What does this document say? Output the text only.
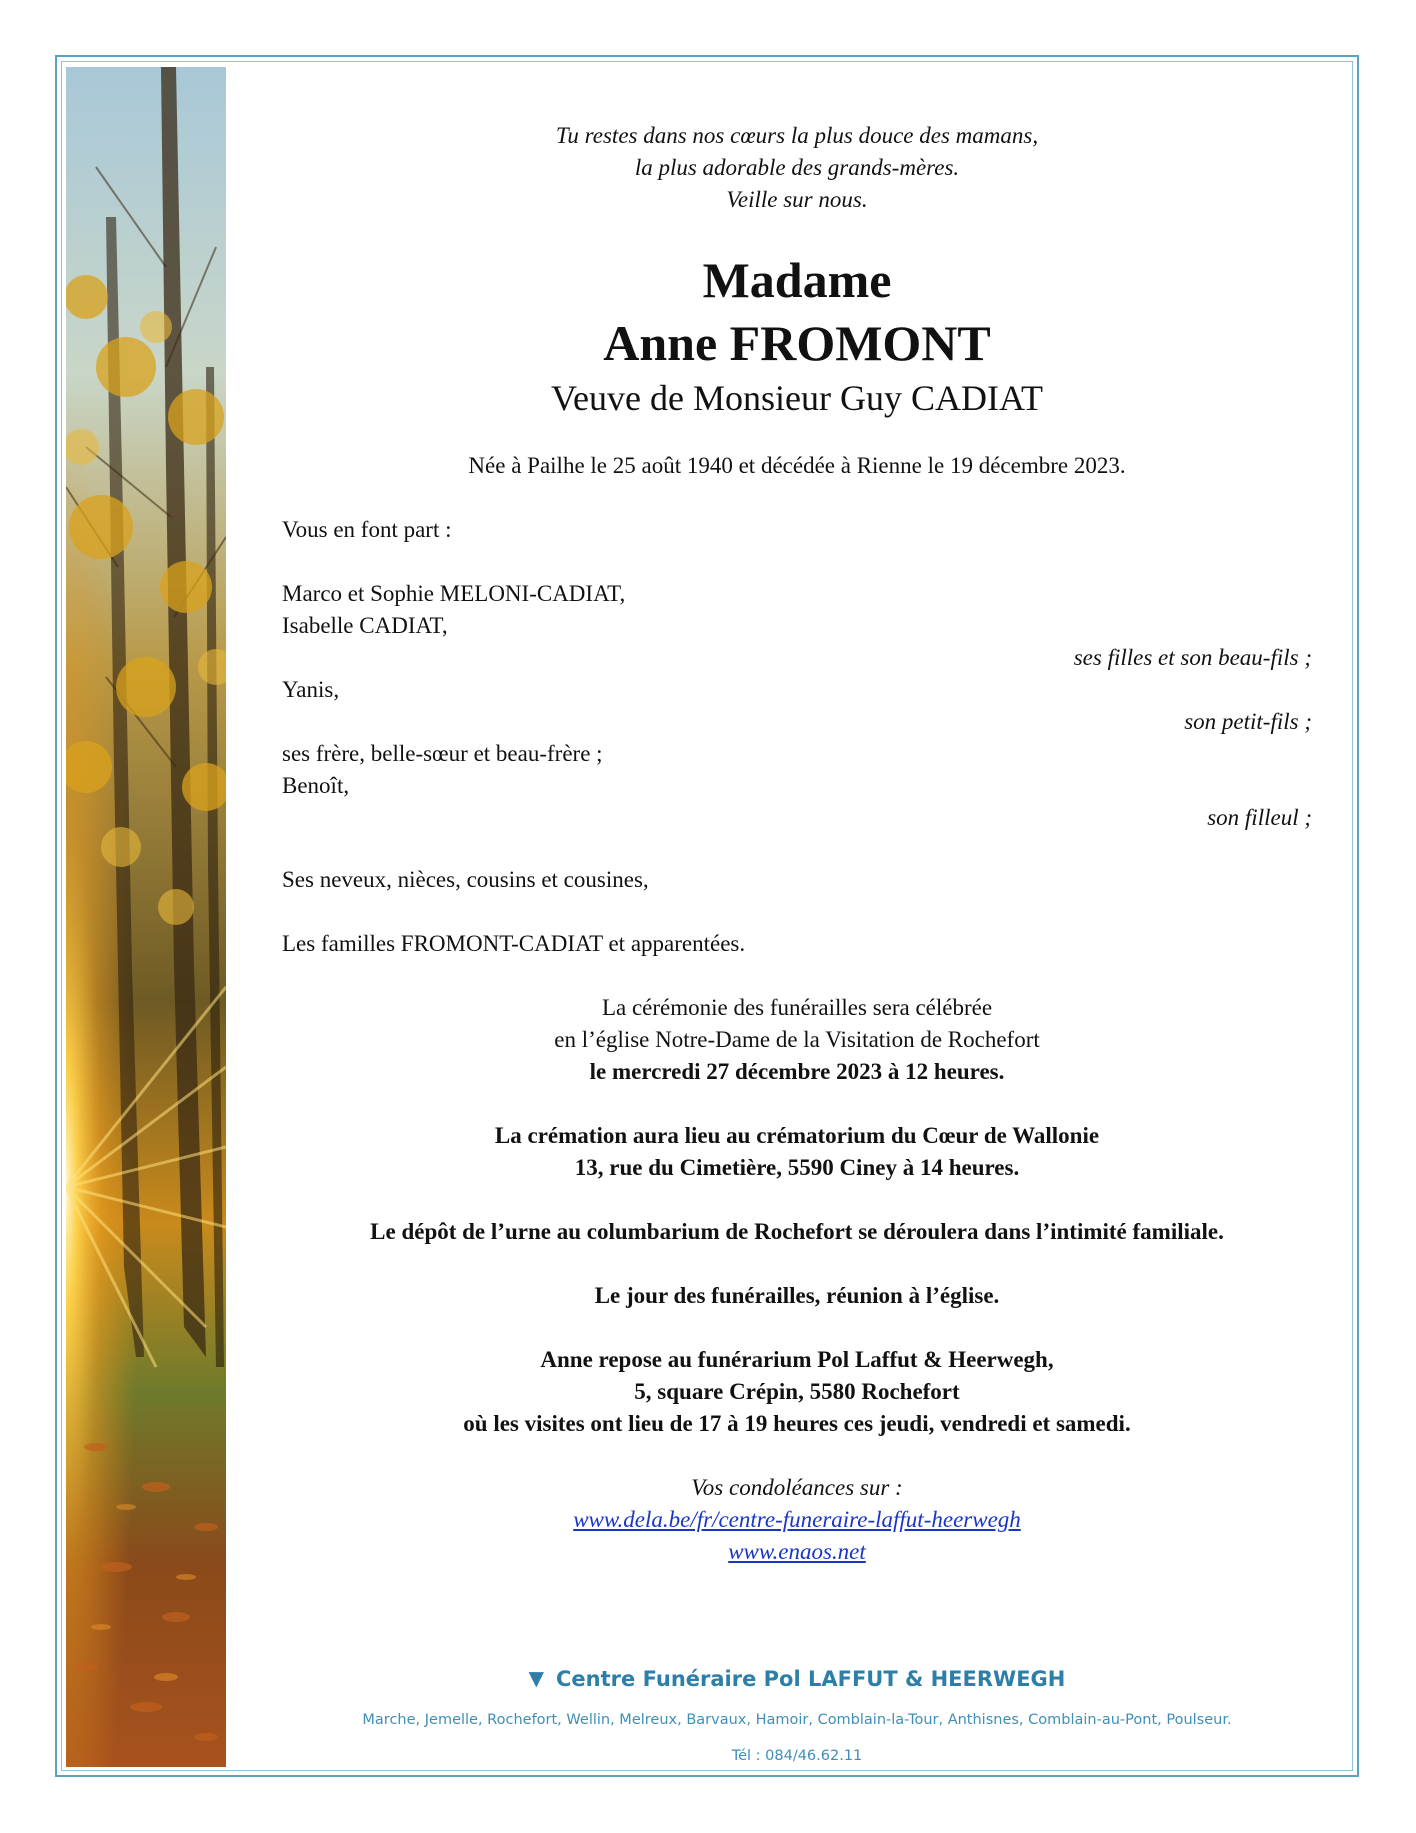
Tu restes dans nos cœurs la plus douce des mamans,
la plus adorable des grands-mères.
Veille sur nous.
Madame
Anne FROMONT
Veuve de Monsieur Guy CADIAT
Née à Pailhe le 25 août 1940 et décédée à Rienne le 19 décembre 2023.
Vous en font part :
Marco et Sophie MELONI-CADIAT,
Isabelle CADIAT,
ses filles et son beau-fils ;
Yanis,
son petit-fils ;
ses frère, belle-sœur et beau-frère ;
Benoît,
son filleul ;
Ses neveux, nièces, cousins et cousines,
Les familles FROMONT-CADIAT et apparentées.
La cérémonie des funérailles sera célébrée
en l’église Notre-Dame de la Visitation de Rochefort
le mercredi 27 décembre 2023 à 12 heures.
La crémation aura lieu au crématorium du Cœur de Wallonie
13, rue du Cimetière, 5590 Ciney à 14 heures.
Le dépôt de l’urne au columbarium de Rochefort se déroulera dans l’intimité familiale.
Le jour des funérailles, réunion à l’église.
Anne repose au funérarium Pol Laffut & Heerwegh,
5, square Crépin, 5580 Rochefort
où les visites ont lieu de 17 à 19 heures ces jeudi, vendredi et samedi.
Vos condoléances sur :
www.dela.be/fr/centre-funeraire-laffut-heerwegh
www.enaos.net
▼ Centre Funéraire Pol LAFFUT & HEERWEGH
Marche, Jemelle, Rochefort, Wellin, Melreux, Barvaux, Hamoir, Comblain-la-Tour, Anthisnes, Comblain-au-Pont, Poulseur.
Tél : 084/46.62.11
